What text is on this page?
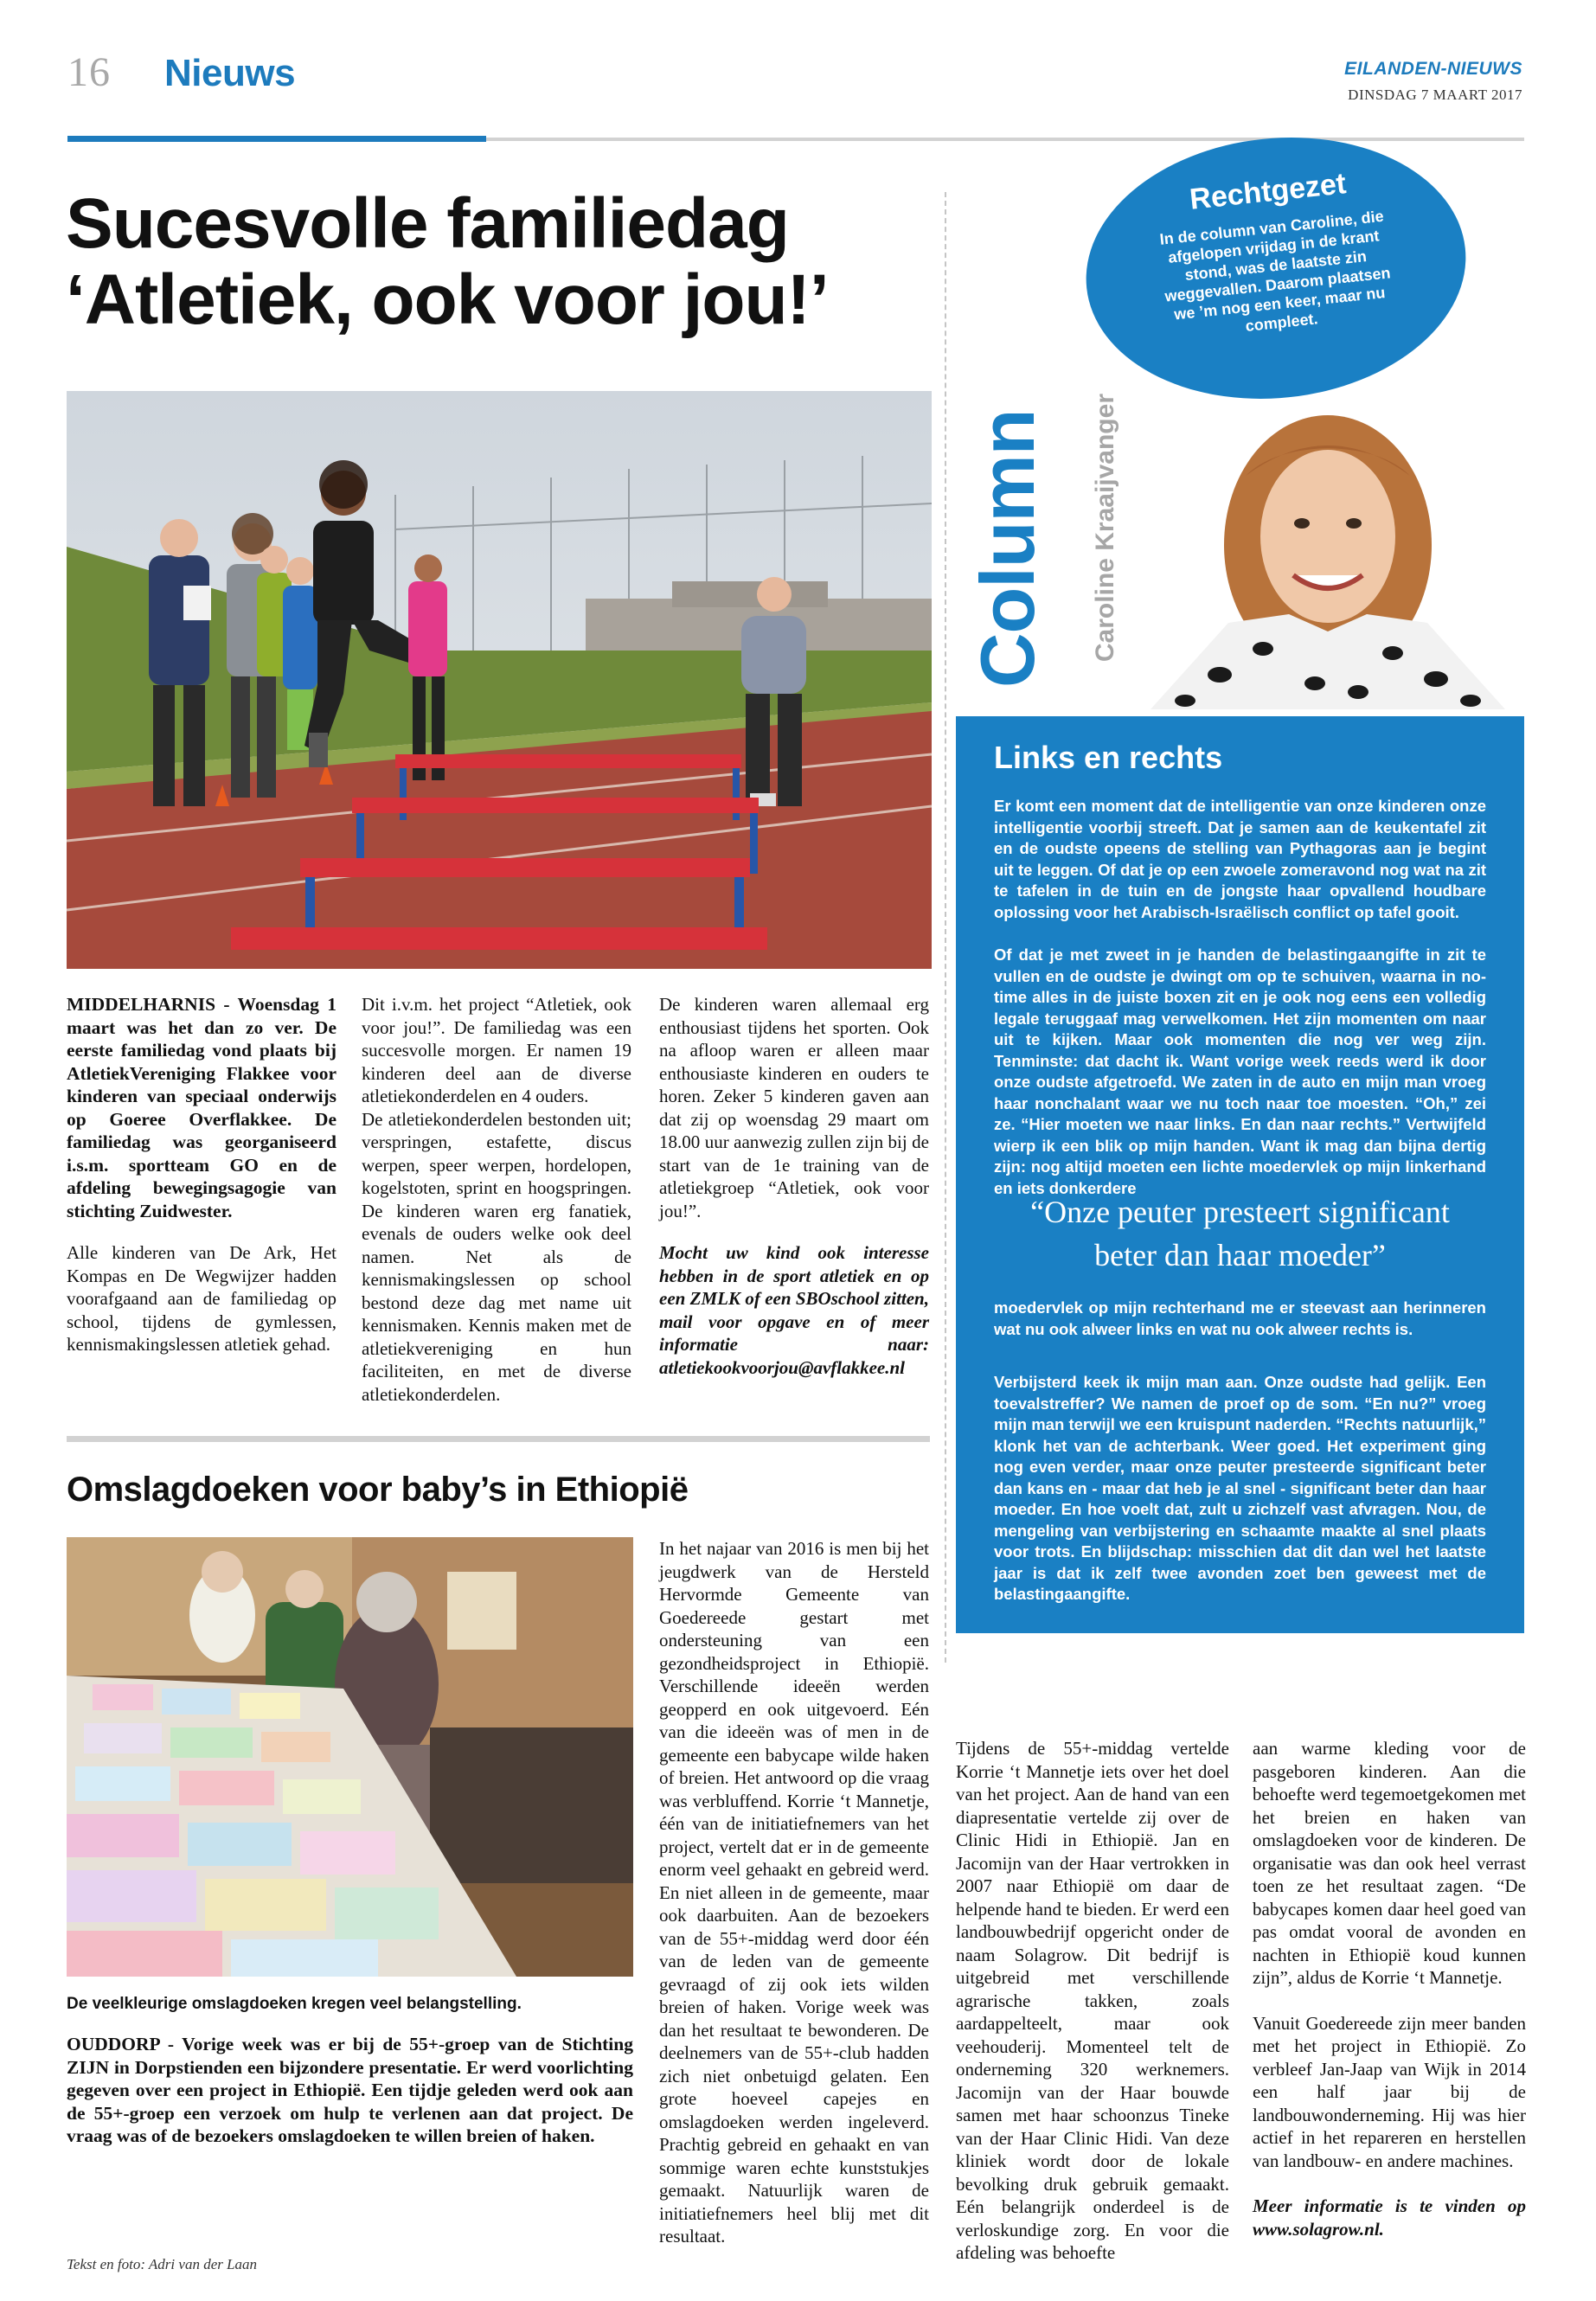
16 Nieuws	EILANDEN-NIEUWS
DINSDAG 7 MAART 2017
Sucesvolle familiedag
‘Atletiek, ook voor jou!’

MIDDELHARNIS - Woensdag 1 maart was het dan zo ver. De eerste familiedag vond plaats bij AtletiekVereniging Flakkee voor kinderen van speciaal onderwijs op Goeree Overflakkee. De familiedag was georganiseerd i.s.m. sportteam GO en de afdeling bewegingsagogie van stichting Zuidwester.

Alle kinderen van De Ark, Het Kompas en De Wegwijzer hadden voorafgaand aan de familiedag op school, tijdens de gymlessen, kennismakingslessen atletiek gehad.

Dit i.v.m. het project “Atletiek, ook voor jou!”. De familiedag was een succesvolle morgen. Er namen 19 kinderen deel aan de diverse atletiekonderdelen en 4 ouders.
De atletiekonderdelen bestonden uit; verspringen, estafette, discus werpen, speer werpen, hordelopen, kogelstoten, sprint en hoogspringen. De kinderen waren erg fanatiek, evenals de ouders welke ook deel namen. Net als de kennismakingslessen op school bestond deze dag met name uit kennismaken. Kennis maken met de atletiekvereniging en hun faciliteiten, en met de diverse atletiekonderdelen.

De kinderen waren allemaal erg enthousiast tijdens het sporten. Ook na afloop waren er alleen maar enthousiaste kinderen en ouders te horen. Zeker 5 kinderen gaven aan dat zij op woensdag 29 maart om 18.00 uur aanwezig zullen zijn bij de start van de 1e training van de atletiekgroep “Atletiek, ook voor jou!”.

Mocht uw kind ook interesse hebben in de sport atletiek en op een ZMLK of een SBOschool zitten, mail voor opgave en of meer informatie naar: atletiekookvoorjou@avflakkee.nl

Omslagdoeken voor baby’s in Ethiopië
De veelkleurige omslagdoeken kregen veel belangstelling.
OUDDORP - Vorige week was er bij de 55+-groep van de Stichting ZIJN in Dorpstienden een bijzondere presentatie. Er werd voorlichting gegeven over een project in Ethiopië. Een tijdje geleden werd ook aan de 55+-groep een verzoek om hulp te verlenen aan dat project. De vraag was of de bezoekers omslagdoeken te willen breien of haken.
Tekst en foto: Adri van der Laan
In het najaar van 2016 is men bij het jeugdwerk van de Hersteld Hervormde Gemeente van Goedereede gestart met ondersteuning van een gezondheidsproject in Ethiopië. Verschillende ideeën werden geopperd en ook uitgevoerd. Eén van die ideeën was of men in de gemeente een babycape wilde haken of breien. Het antwoord op die vraag was verbluffend. Korrie ‘t Mannetje, één van de initiatiefnemers van het project, vertelt dat er in de gemeente enorm veel gehaakt en gebreid werd. En niet alleen in de gemeente, maar ook daarbuiten. Aan de bezoekers van de 55+-middag werd door één van de leden van de gemeente gevraagd of zij ook iets wilden breien of haken. Vorige week was dan het resultaat te bewonderen. De deelnemers van de 55+-club hadden zich niet onbetuigd gelaten. Een grote hoeveel capejes en omslagdoeken werden ingeleverd. Prachtig gebreid en gehaakt en van sommige waren echte kunststukjes gemaakt. Natuurlijk waren de initiatiefnemers heel blij met dit resultaat.
Tijdens de 55+-middag vertelde Korrie ‘t Mannetje iets over het doel van het project. Aan de hand van een diapresentatie vertelde zij over de Clinic Hidi in Ethiopië. Jan en Jacomijn van der Haar vertrokken in 2007 naar Ethiopië om daar de helpende hand te bieden. Er werd een landbouwbedrijf opgericht onder de naam Solagrow. Dit bedrijf is uitgebreid met verschillende agrarische takken, zoals aardappelteelt, maar ook veehouderij. Momenteel telt de onderneming 320 werknemers. Jacomijn van der Haar bouwde samen met haar schoonzus Tineke van der Haar Clinic Hidi. Van deze kliniek wordt door de lokale bevolking druk gebruik gemaakt. Eén belangrijk onderdeel is de verloskundige zorg. En voor die afdeling was behoefte

aan warme kleding voor de pasgeboren kinderen. Aan die behoefte werd tegemoetgekomen met het breien en haken van omslagdoeken voor de kinderen. De organisatie was dan ook heel verrast toen ze het resultaat zagen. “De babycapes komen daar heel goed van pas omdat vooral de avonden en nachten in Ethiopië koud kunnen zijn”, aldus de Korrie ‘t Mannetje.

Vanuit Goedereede zijn meer banden met het project in Ethiopië. Zo verbleef Jan-Jaap van Wijk in 2014 een half jaar bij de landbouwonderneming. Hij was hier actief in het repareren en herstellen van landbouw- en andere machines.

Meer informatie is te vinden op www.solagrow.nl.

Rechtgezet
In de column van Caroline, die afgelopen vrijdag in de krant stond, was de laatste zin weggevallen. Daarom plaatsen we ’m nog een keer, maar nu compleet.
Column Caroline Kraaijvanger
Links en rechts
Er komt een moment dat de intelligentie van onze kinderen onze intelligentie voorbij streeft. Dat je samen aan de keukentafel zit en de oudste opeens de stelling van Pythagoras aan je begint uit te leggen. Of dat je op een zwoele zomeravond nog wat na zit te tafelen in de tuin en de jongste haar opvallend houdbare oplossing voor het Arabisch-Israëlisch conflict op tafel gooit.
Of dat je met zweet in je handen de belastingaangifte in zit te vullen en de oudste je dwingt om op te schuiven, waarna in no-time alles in de juiste boxen zit en je ook nog eens een volledig legale teruggaaf mag verwelkomen. Het zijn momenten om naar uit te kijken. Maar ook momenten die nog ver weg zijn. Tenminste: dat dacht ik. Want vorige week reeds werd ik door onze oudste afgetroefd. We zaten in de auto en mijn man vroeg haar nonchalant waar we nu toch naar toe moesten. “Oh,” zei ze. “Hier moeten we naar links. En dan naar rechts.” Vertwijfeld wierp ik een blik op mijn handen. Want ik mag dan bijna dertig zijn: nog altijd moeten een lichte moedervlek op mijn linkerhand en iets donkerdere
“Onze peuter presteert significant
beter dan haar moeder”
moedervlek op mijn rechterhand me er steevast aan herinneren wat nu ook alweer links en wat nu ook alweer rechts is.
Verbijsterd keek ik mijn man aan. Onze oudste had gelijk. Een toevalstreffer? We namen de proef op de som. “En nu?” vroeg mijn man terwijl we een kruispunt naderden. “Rechts natuurlijk,” klonk het van de achterbank. Weer goed. Het experiment ging nog even verder, maar onze peuter presteerde significant beter dan kans en - maar dat heb je al snel - significant beter dan haar moeder. En hoe voelt dat, zult u zichzelf vast afvragen. Nou, de mengeling van verbijstering en schaamte maakte al snel plaats voor trots. En blijdschap: misschien dat dit dan wel het laatste jaar is dat ik zelf twee avonden zoet ben geweest met de belastingaangifte.
